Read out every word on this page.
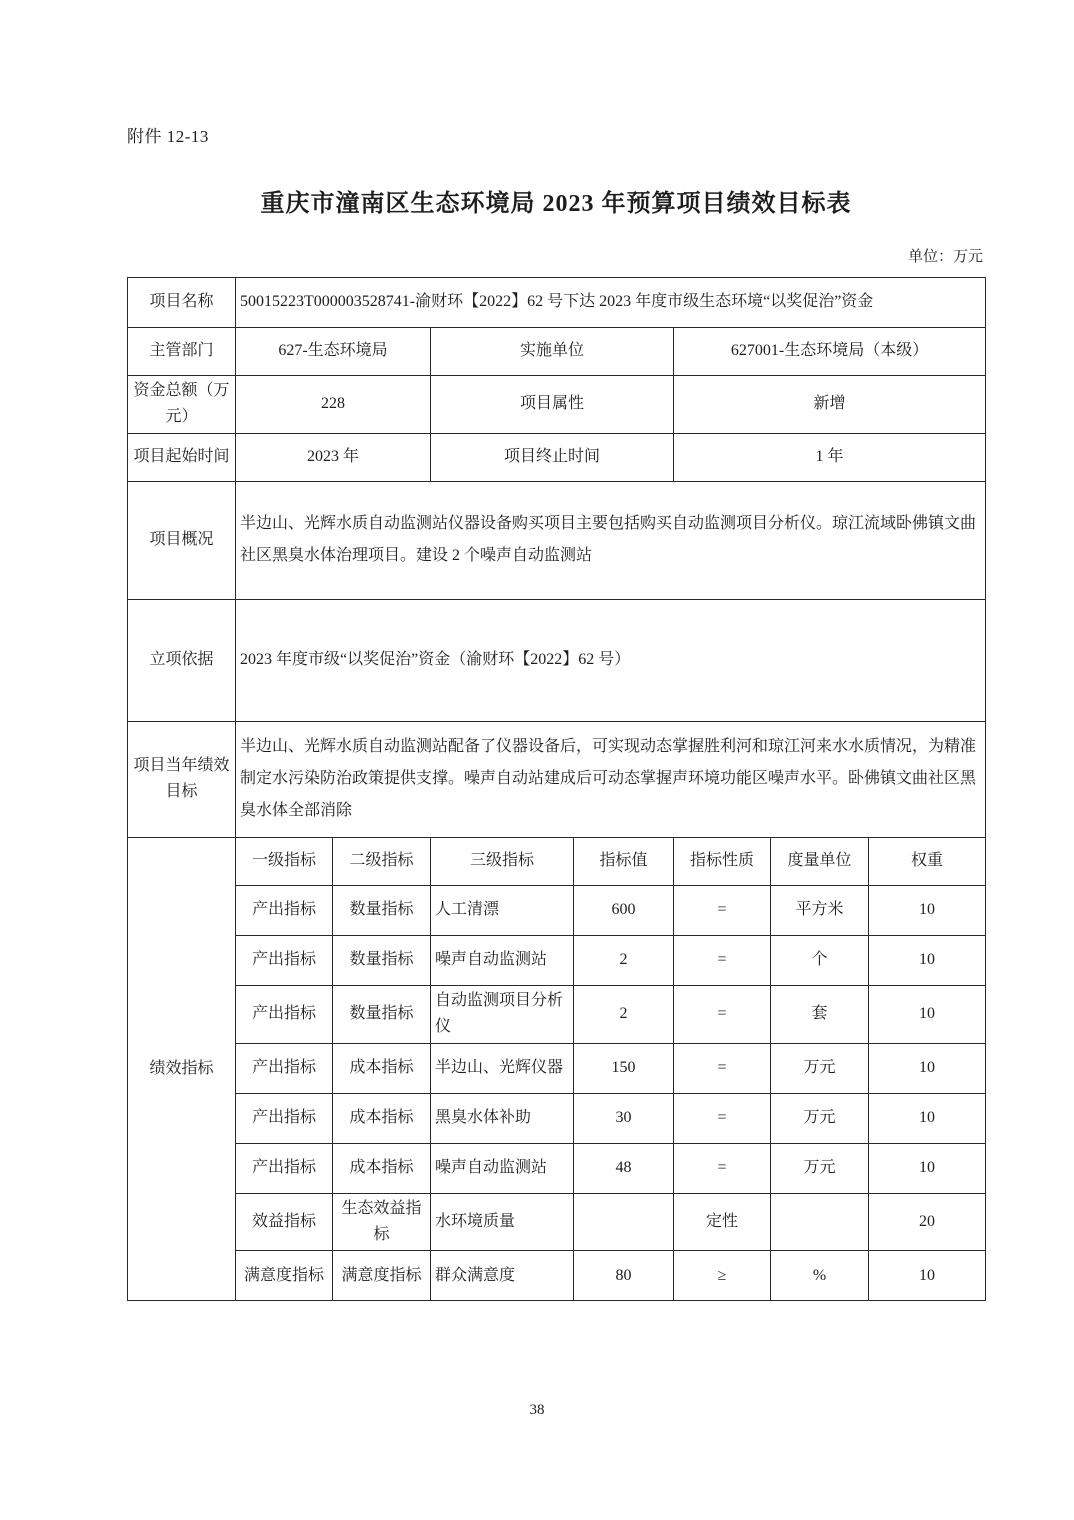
附件 12-13
重庆市潼南区生态环境局 2023 年预算项目绩效目标表
单位：万元
项目名称	50015223T000003528741-渝财环【2022】62 号下达 2023 年度市级生态环境“以奖促治”资金						
主管部门	627-生态环境局		实施单位		627001-生态环境局（本级）		
资金总额（万元）	228		项目属性		新增		
项目起始时间	2023 年		项目终止时间		1 年		
项目概况	半边山、光辉水质自动监测站仪器设备购买项目主要包括购买自动监测项目分析仪。琼江流域卧佛镇文曲社区黑臭水体治理项目。建设 2 个噪声自动监测站						
立项依据	2023 年度市级“以奖促治”资金（渝财环【2022】62 号）						
项目当年绩效目标	半边山、光辉水质自动监测站配备了仪器设备后，可实现动态掌握胜利河和琼江河来水水质情况，为精准制定水污染防治政策提供支撑。噪声自动站建成后可动态掌握声环境功能区噪声水平。卧佛镇文曲社区黑臭水体全部消除						
绩效指标	一级指标	二级指标	三级指标	指标值	指标性质	度量单位	权重
	产出指标	数量指标	人工清漂	600	=	平方米	10
	产出指标	数量指标	噪声自动监测站	2	=	个	10
	产出指标	数量指标	自动监测项目分析仪	2	=	套	10
	产出指标	成本指标	半边山、光辉仪器	150	=	万元	10
	产出指标	成本指标	黑臭水体补助	30	=	万元	10
	产出指标	成本指标	噪声自动监测站	48	=	万元	10
	效益指标	生态效益指标	水环境质量		定性		20
	满意度指标	满意度指标	群众满意度	80	≥	%	10
38
